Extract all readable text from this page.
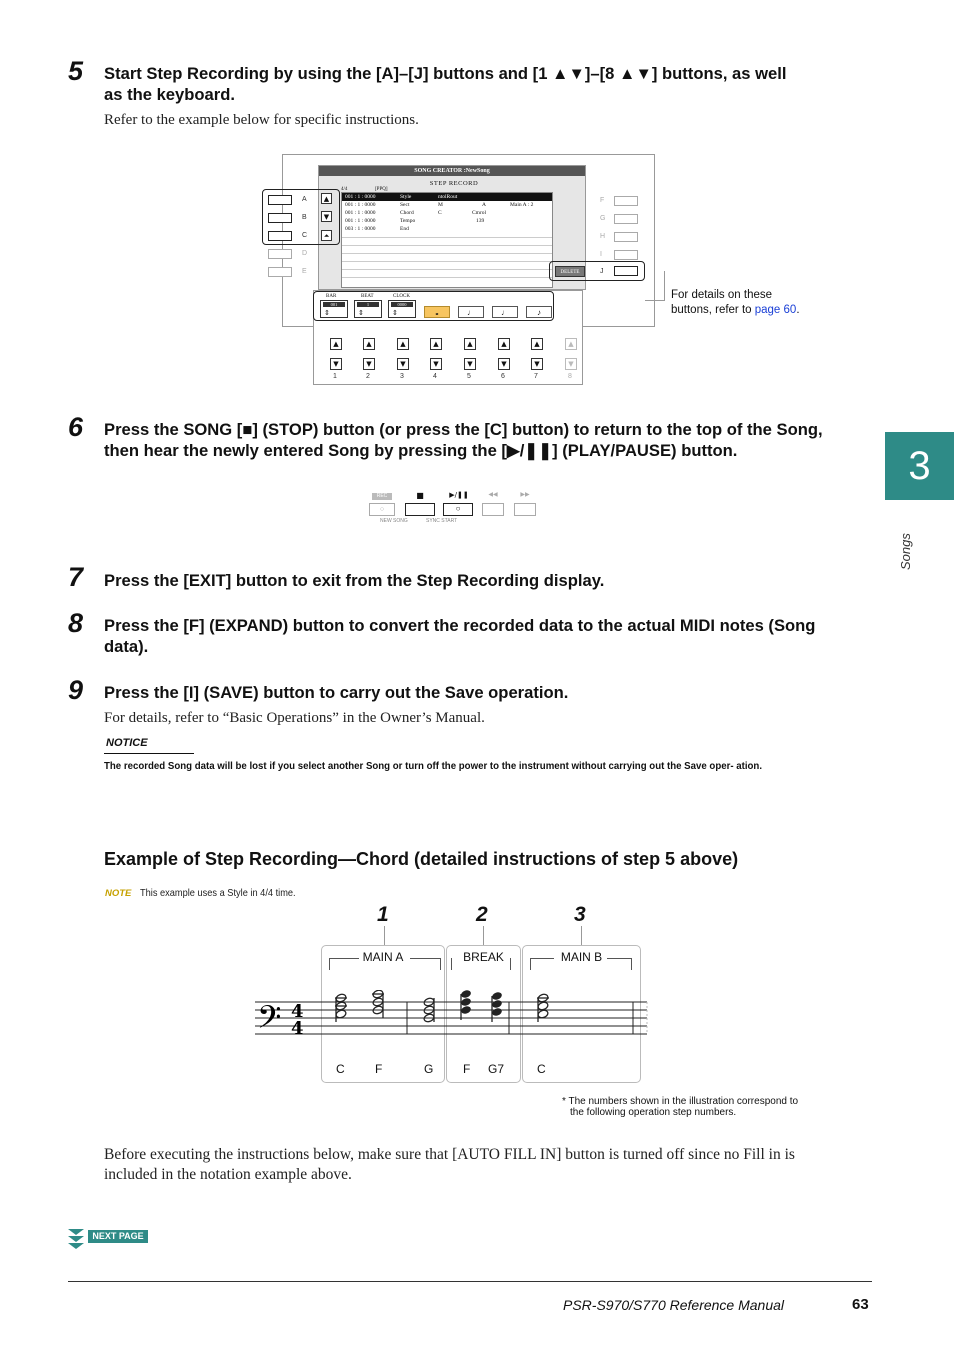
3
Songs
5 Start Step Recording by using the [A]–[J] buttons and [1 ▲▼]–[8 ▲▼] buttons, as well as the keyboard.
Refer to the example below for specific instructions.
SONG CREATOR :NewSong
STEP RECORD
4/4	[PPQ]
001 : 1 : 0000	Style	ntolRout
001 : 1 : 0000	Sect	M	A	Main A : 2
001 : 1 : 0000	Chord	C	Cmrol
001 : 1 : 0000	Tempo	139
003 : 1 : 0000	End
▲
▼
⏶
DELETE
BAR	BEAT	CLOCK
001
⇕
1
⇕
0000
⇕	𝅝	♩	♩	♪
A
B
C
D
E
F
G
H
I
J
▲
▼
1
▲
▼
2
▲
▼
3
▲
▼
4
▲
▼
5
▲
▼
6
▲
▼
7
▲
▼
8
For details on these buttons, refer to page 60.
6 Press the SONG [■] (STOP) button (or press the [C] button) to return to the top of the Song, then hear the newly entered Song by pressing the [▶/❚❚] (PLAY/PAUSE) button.
REC
○
NEW SONG	SYNC START
■	▶/❚❚
○
◀◀	▶▶
7 Press the [EXIT] button to exit from the Step Recording display.
8 Press the [F] (EXPAND) button to convert the recorded data to the actual MIDI notes (Song data).
9 Press the [I] (SAVE) button to carry out the Save operation.
For details, refer to “Basic Operations” in the Owner’s Manual.
NOTICE
The recorded Song data will be lost if you select another Song or turn off the power to the instrument without carrying out the Save oper- ation.
Example of Step Recording—Chord (detailed instructions of step 5 above)
NOTE This example uses a Style in 4/4 time.
1	2	3
MAIN A	BREAK	MAIN B
𝄢 4
4
C	F	G F G7	C
* The numbers shown in the illustration correspond to
the following operation step numbers.
Before executing the instructions below, make sure that [AUTO FILL IN] button is turned off since no Fill in is included in the notation example above.
NEXT PAGE
PSR-S970/S770 Reference Manual	63
